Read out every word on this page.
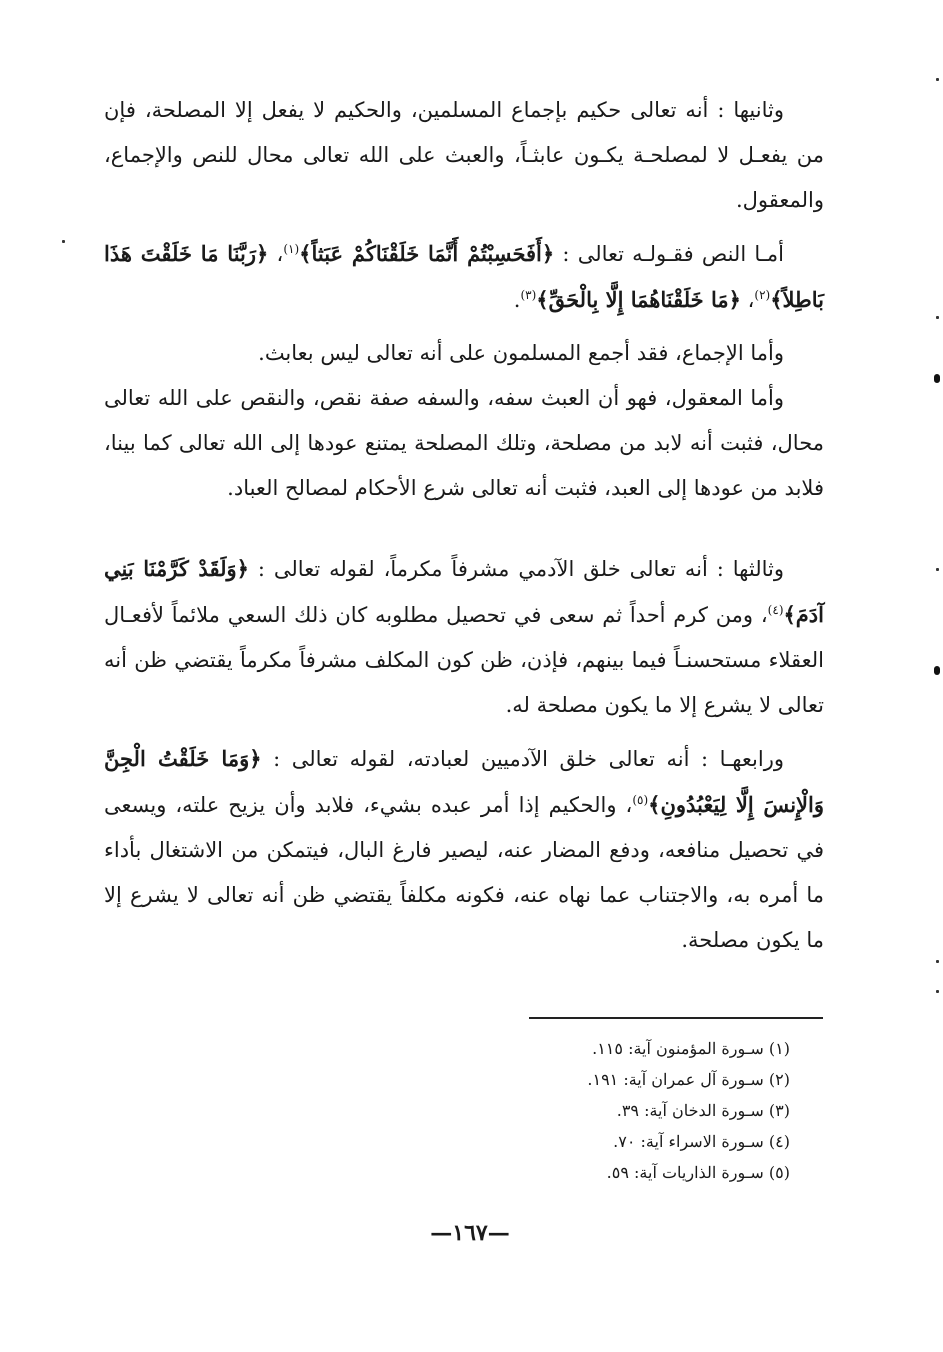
وثانيها : أنه تعالى حكيم بإجماع المسلمين، والحكيم لا يفعل إلا المصلحة، فإن من يفعـل لا لمصلحـة يكـون عابثـاً، والعبث على الله تعالى محال للنص والإجماع، والمعقول.

أمـا النص فقـولـه تعالى : ﴿أَفَحَسِبْتُمْ أَنَّمَا خَلَقْنَاكُمْ عَبَثاً﴾$^{(١)}$، ﴿رَبَّنَا مَا خَلَقْتَ هَذَا بَاطِلاً﴾$^{(٢)}$، ﴿مَا خَلَقْنَاهُمَا إِلَّا بِالْحَقِّ﴾$^{(٣)}$.

وأما الإجماع، فقد أجمع المسلمون على أنه تعالى ليس بعابث.

وأما المعقول، فهو أن العبث سفه، والسفه صفة نقص، والنقص على الله تعالى محال، فثبت أنه لابد من مصلحة، وتلك المصلحة يمتنع عودها إلى الله تعالى كما بينا، فلابد من عودها إلى العبد، فثبت أنه تعالى شرع الأحكام لمصالح العباد.

وثالثها : أنه تعالى خلق الآدمي مشرفاً مكرماً، لقوله تعالى : ﴿وَلَقَدْ كَرَّمْنَا بَنِي آدَمَ﴾$^{(٤)}$، ومن كرم أحداً ثم سعى في تحصيل مطلوبه كان ذلك السعي ملائماً لأفعـال العقلاء مستحسنـاً فيما بينهم، فإذن، ظن كون المكلف مشرفاً مكرماً يقتضي ظن أنه تعالى لا يشرع إلا ما يكون مصلحة له.

ورابعهـا : أنه تعالى خلق الآدميين لعبادته، لقوله تعالى : ﴿وَمَا خَلَقْتُ الْجِنَّ وَالْإِنسَ إِلَّا لِيَعْبُدُونِ﴾$^{(٥)}$، والحكيم إذا أمر عبده بشيء، فلابد وأن يزيح علته، ويسعى في تحصيل منافعه، ودفع المضار عنه، ليصير فارغ البال، فيتمكن من الاشتغال بأداء ما أمره به، والاجتناب عما نهاه عنه، فكونه مكلفاً يقتضي ظن أنه تعالى لا يشرع إلا ما يكون مصلحة.

(١) سـورة المؤمنون آية: ١١٥.

(٢) سـورة آل عمران آية: ١٩١.

(٣) سـورة الدخان آية: ٣٩.

(٤) سـورة الاسراء آية: ٧٠.

(٥) سـورة الذاريات آية: ٥٩.

—١٦٧—
